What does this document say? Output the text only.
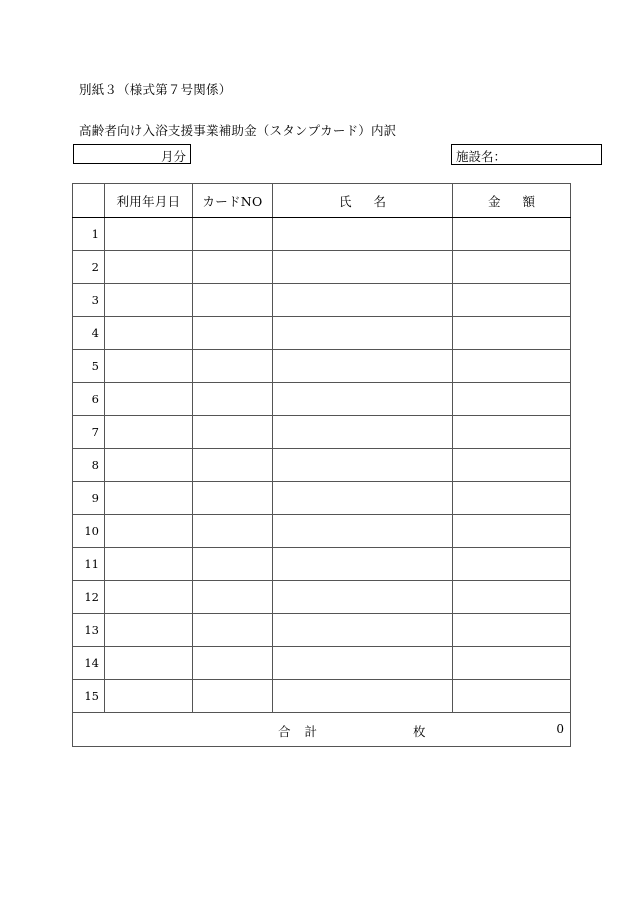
別紙３（様式第７号関係）
高齢者向け入浴支援事業補助金（スタンプカード）内訳
月分	施設名：
	利用年月日	カードNO	氏名	金額
1				
2				
3				
4				
5				
6				
7				
8				
9				
10				
11				
12				
13				
14				
15				

合計 枚 0				
